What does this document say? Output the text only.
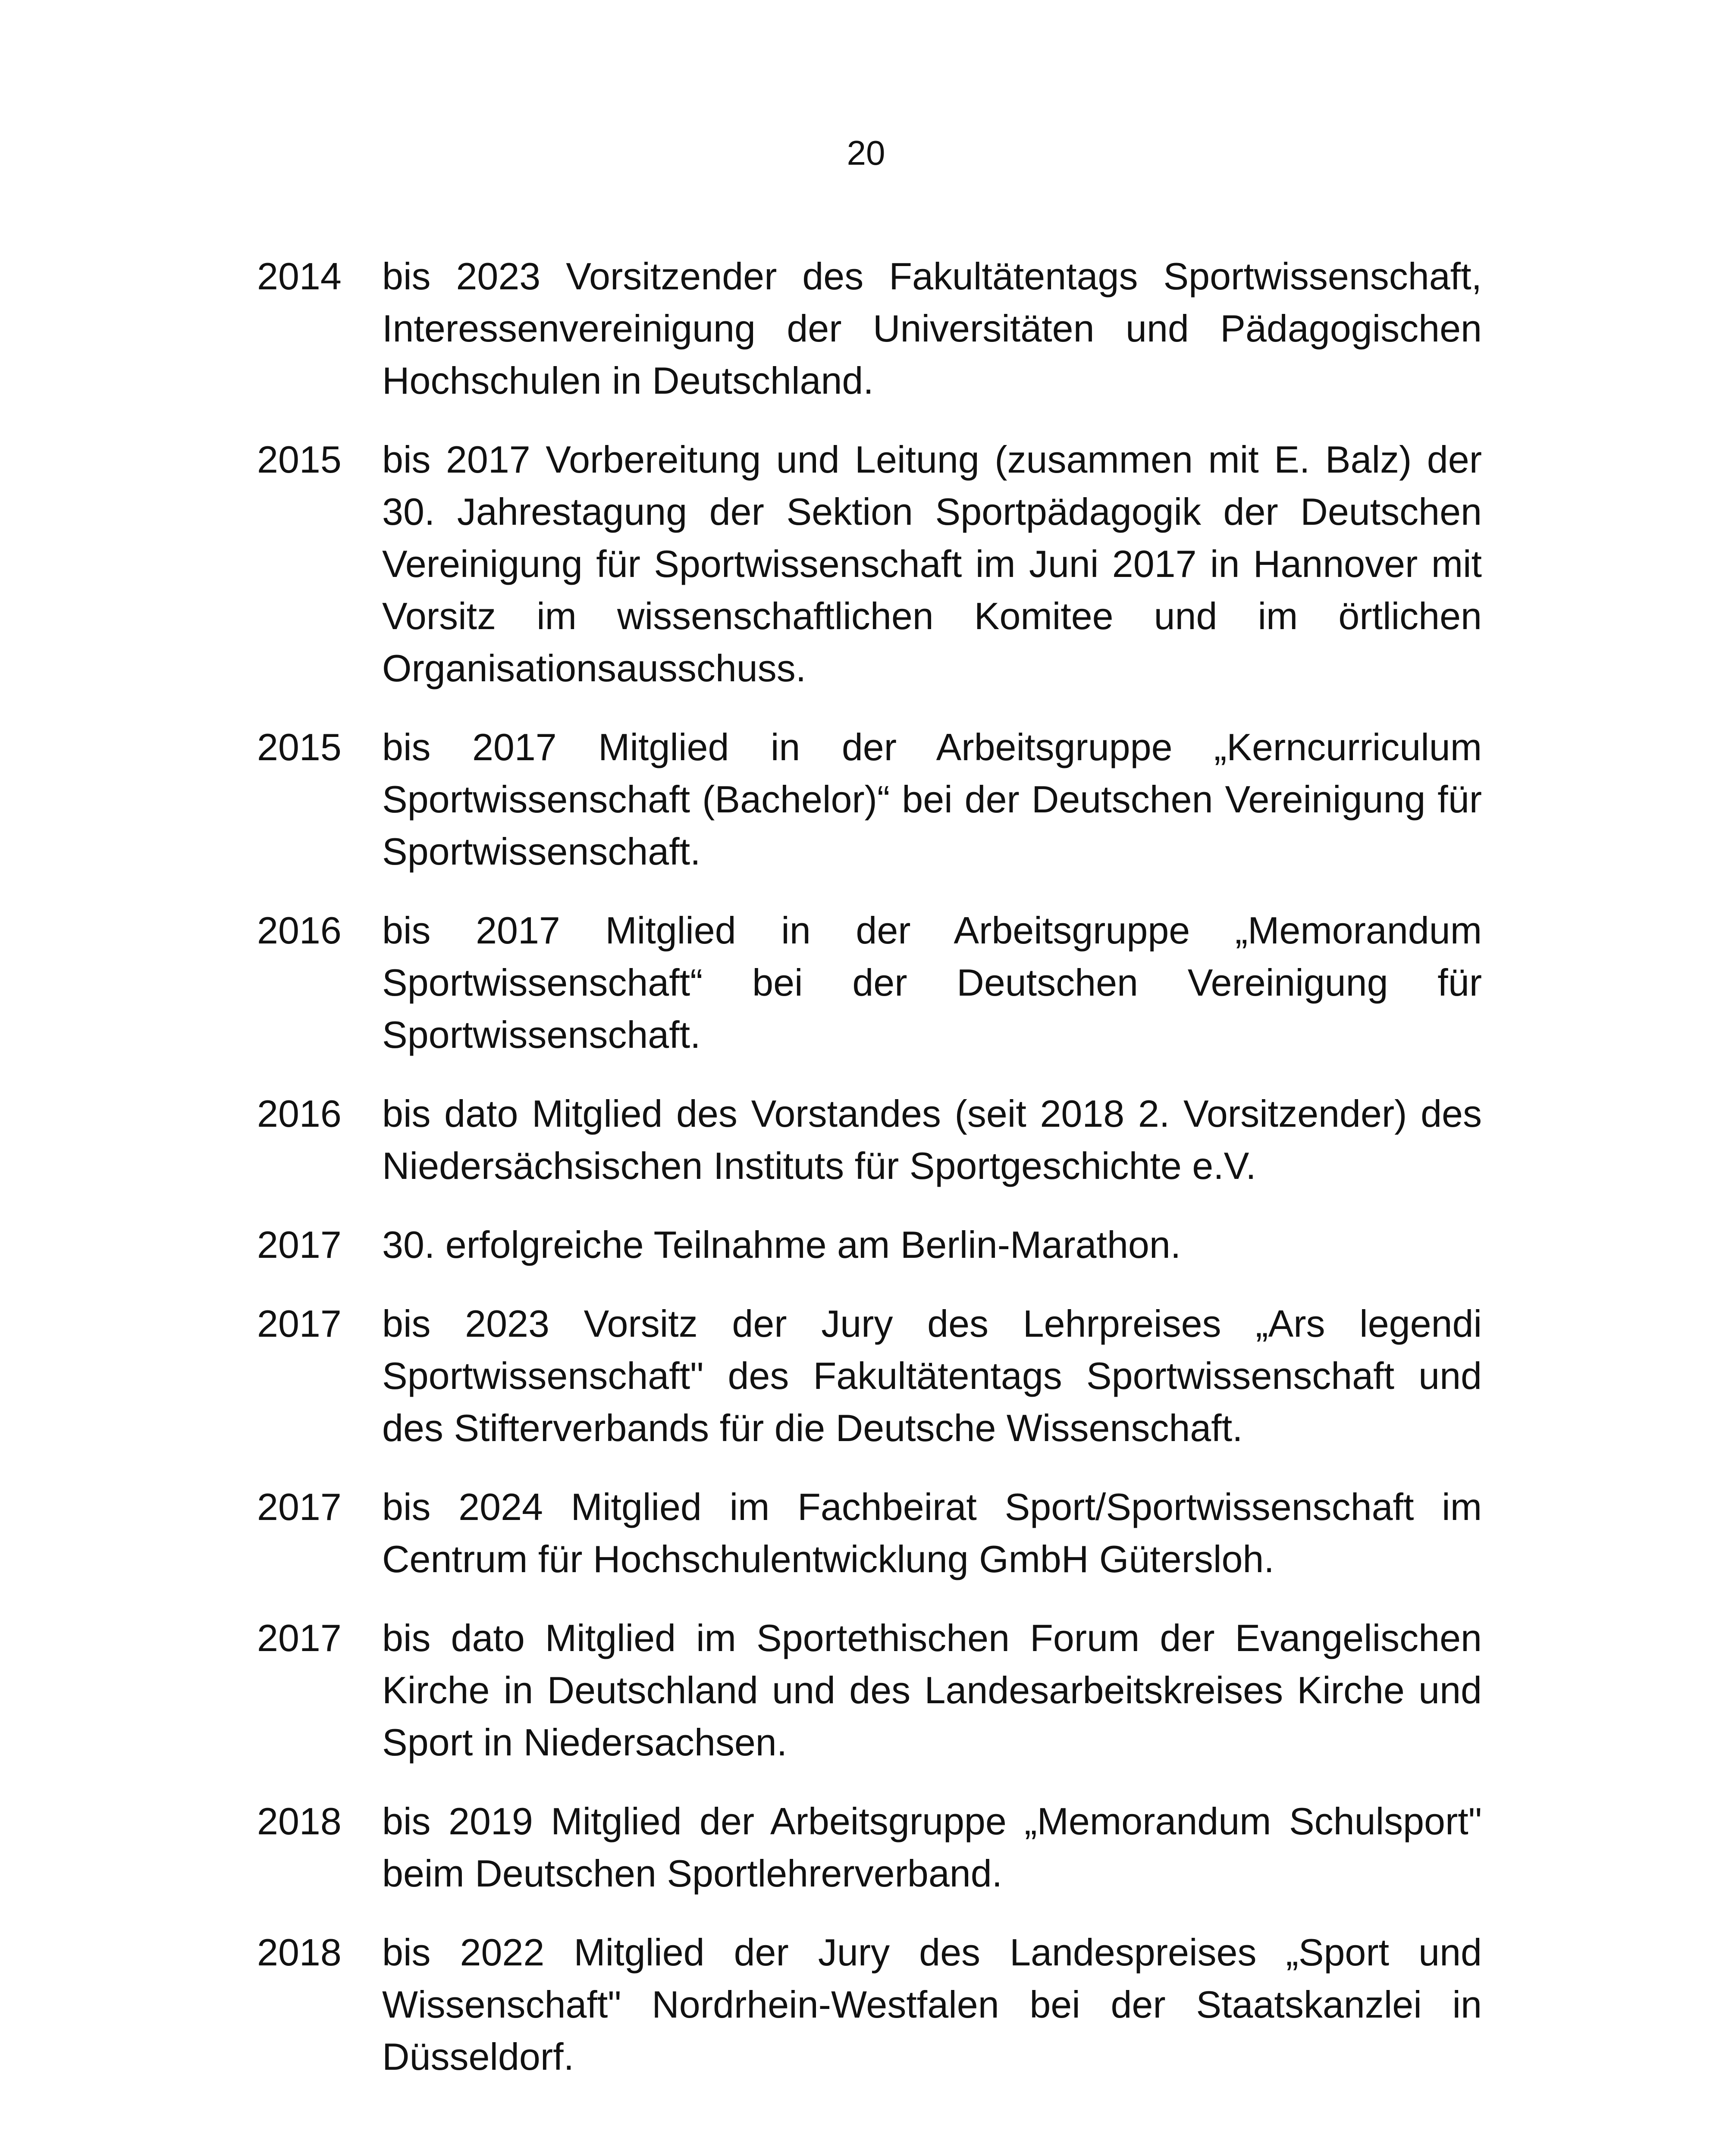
20
2014	bis 2023 Vorsitzender des Fakultätentags Sportwissenschaft, Interessenvereinigung der Universitäten und Pädagogischen Hochschulen in Deutschland.
2015	bis 2017 Vorbereitung und Leitung (zusammen mit E. Balz) der 30. Jahrestagung der Sektion Sportpädagogik der Deutschen Vereinigung für Sportwissenschaft im Juni 2017 in Hannover mit Vorsitz im wissenschaftlichen Komitee und im örtlichen Organisationsausschuss.
2015	bis 2017 Mitglied in der Arbeitsgruppe „Kerncurriculum Sportwissenschaft (Bachelor)“ bei der Deutschen Vereinigung für Sportwissenschaft.
2016	bis 2017 Mitglied in der Arbeitsgruppe „Memorandum Sportwissenschaft“ bei der Deutschen Vereinigung für Sportwissenschaft.
2016	bis dato Mitglied des Vorstandes (seit 2018 2. Vorsitzender) des Niedersächsischen Instituts für Sportgeschichte e.V.
2017	30. erfolgreiche Teilnahme am Berlin-Marathon.
2017	bis 2023 Vorsitz der Jury des Lehrpreises „Ars legendi Sportwissenschaft" des Fakultätentags Sportwissenschaft und des Stifterverbands für die Deutsche Wissenschaft.
2017	bis 2024 Mitglied im Fachbeirat Sport/Sportwissenschaft im Centrum für Hochschulentwicklung GmbH Gütersloh.
2017	bis dato Mitglied im Sportethischen Forum der Evangelischen Kirche in Deutschland und des Landesarbeitskreises Kirche und Sport in Niedersachsen.
2018	bis 2019 Mitglied der Arbeitsgruppe „Memorandum Schulsport" beim Deutschen Sportlehrerverband.
2018	bis 2022 Mitglied der Jury des Landespreises „Sport und Wissenschaft" Nordrhein-Westfalen bei der Staatskanzlei in Düsseldorf.
